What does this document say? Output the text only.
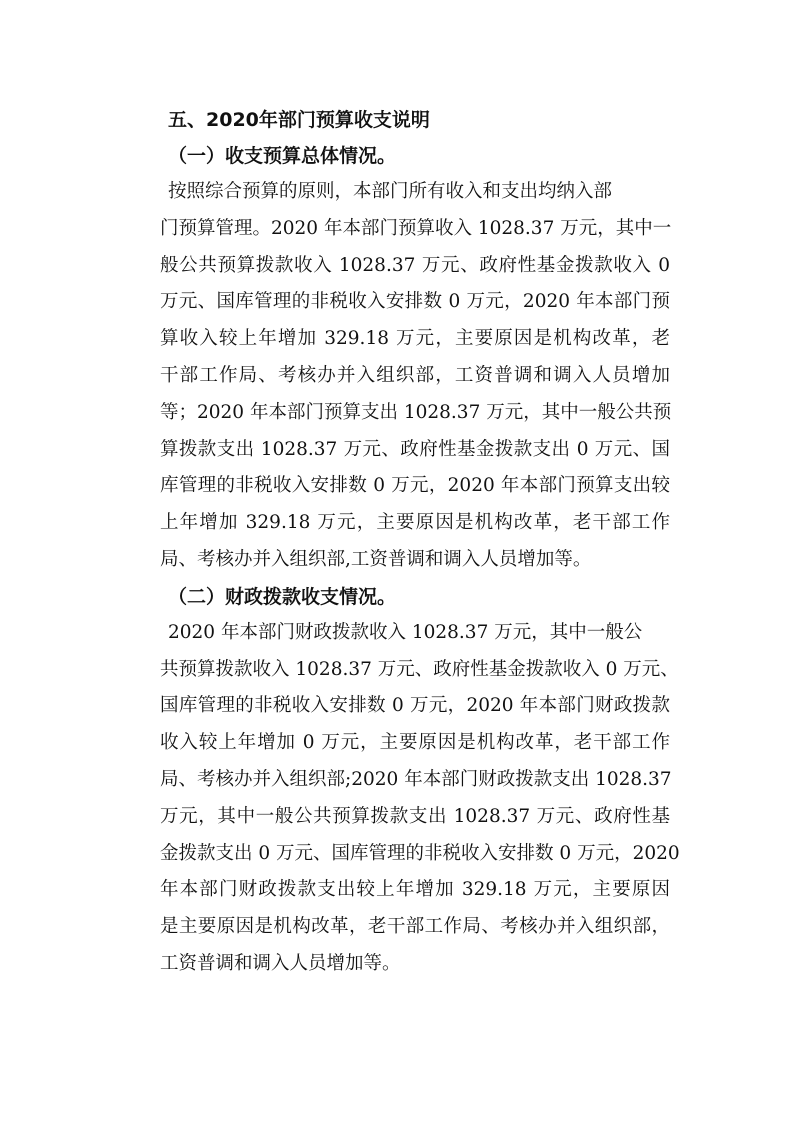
五、2020年部门预算收支说明
（一）收支预算总体情况。
按照综合预算的原则，本部门所有收入和支出均纳入部
门预算管理。2020 年本部门预算收入 1028.37 万元，其中一
般公共预算拨款收入 1028.37 万元、政府性基金拨款收入 0
万元、国库管理的非税收入安排数 0 万元，2020 年本部门预
算收入较上年增加 329.18 万元，主要原因是机构改革，老
干部工作局、考核办并入组织部，工资普调和调入人员增加
等；2020 年本部门预算支出 1028.37 万元，其中一般公共预
算拨款支出 1028.37 万元、政府性基金拨款支出 0 万元、国
库管理的非税收入安排数 0 万元，2020 年本部门预算支出较
上年增加 329.18 万元，主要原因是机构改革，老干部工作
局、考核办并入组织部,工资普调和调入人员增加等。
（二）财政拨款收支情况。
2020 年本部门财政拨款收入 1028.37 万元，其中一般公
共预算拨款收入 1028.37 万元、政府性基金拨款收入 0 万元、
国库管理的非税收入安排数 0 万元，2020 年本部门财政拨款
收入较上年增加 0 万元，主要原因是机构改革，老干部工作
局、考核办并入组织部;2020 年本部门财政拨款支出 1028.37
万元，其中一般公共预算拨款支出 1028.37 万元、政府性基
金拨款支出 0 万元、国库管理的非税收入安排数 0 万元，2020
年本部门财政拨款支出较上年增加 329.18 万元，主要原因
是主要原因是机构改革，老干部工作局、考核办并入组织部，
工资普调和调入人员增加等。
